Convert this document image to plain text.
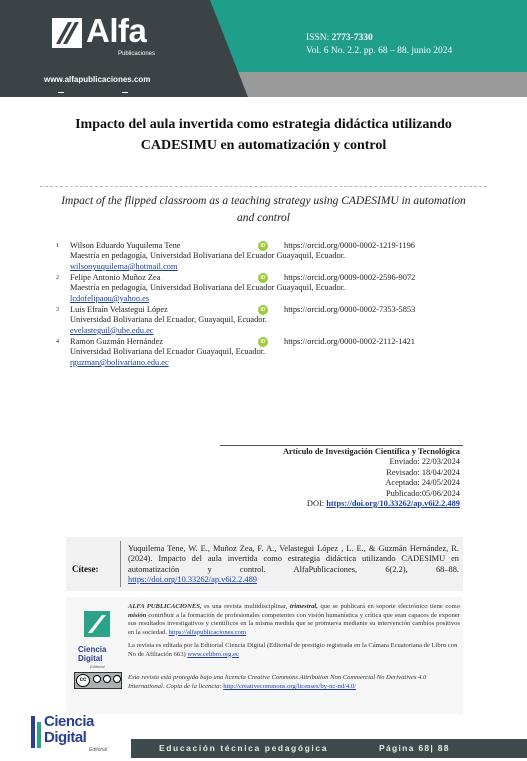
Alfa
Publicaciones
www.alfapublicaciones.com
ISSN: 2773-7330
Vol. 6 No. 2.2. pp. 68 – 88. junio 2024
Impacto del aula invertida como estrategia didáctica utilizando CADESIMU en automatización y control
Impact of the flipped classroom as a teaching strategy using CADESIMU in automation and control
1 Wilson Eduardo Yuquilema Tene	iD https://orcid.org/0000-0002-1219-1196
Maestría en pedagogía, Universidad Bolivariana del Ecuador Guayaquil, Ecuador.
wilsonyuquilema@hotmail.com
2 Felipe Antonio Muñoz Zea	iD https://orcid.org/0009-0002-2596-9072
Maestría en pedagogía, Universidad Bolivariana del Ecuador Guayaquil, Ecuador.
lcdofelipaou@yahoo.es
3 Luis Efraín Velastegui López	iD https://orcid.org/0000-0002-7353-5853
Universidad Bolivariana del Ecuador, Guayaquil, Ecuador.
evelasteguil@ube.edu.ec
4 Ramon Guzmán Hernández	iD https://orcid.org/0000-0002-2112-1421
Universidad Bolivariana del Ecuador Guayaquil, Ecuador.
rguzman@bolivariano.edu.ec
Artículo de Investigación Científica y Tecnológica
Enviado: 22/03/2024
Revisado: 18/04/2024
Aceptado: 24/05/2024
Publicado:05/06/2024
DOI: https://doi.org/10.33262/ap.v6i2.2.489
Cítese:
Yuquilema Tene, W. E., Muñoz Zea, F. A., Velastegui López , L. E., & Guzmán Hernández, R. (2024). Impacto del aula invertida como estrategia didáctica utilizando CADESIMU en automatización y control. AlfaPublicaciones, 6(2.2), 68–88. https://doi.org/10.33262/ap.v6i2.2.489
Ciencia Digital
Editorial
ALFA PUBLICACIONES, es una revista multidisciplinar, trimestral, que se publicará en soporte electrónico tiene como misión contribuir a la formación de profesionales competentes con visión humanística y crítica que sean capaces de exponer sus resultados investigativos y científicos en la misma medida que se promueva mediante su intervención cambios positivos en la sociedad. https://alfapublicaciones.com
La revista es editada por la Editorial Ciencia Digital (Editorial de prestigio registrada en la Cámara Ecuatoriana de Libro con No de Afiliación 663) www.celibro.org.ec
cc	Esta revista está protegida bajo una licencia Creative Commons Attribution Non Commercial No Derivatives 4.0 International. Copia de la licencia: http://creativecommons.org/licenses/by-nc-nd/4.0/
Ciencia Digital
Editorial	Educación técnica pedagógica	Página 68| 88
